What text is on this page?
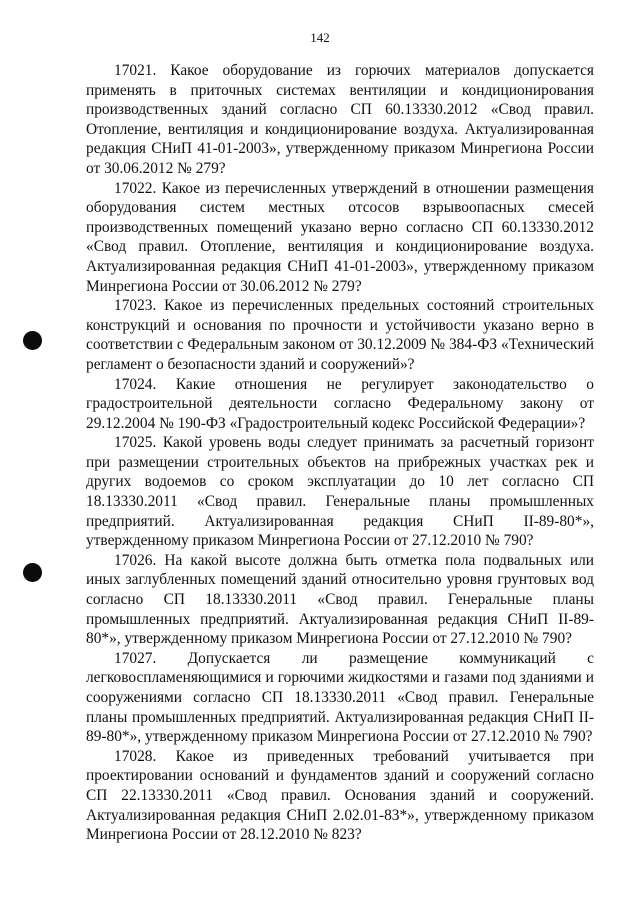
142

17021. Какое оборудование из горючих материалов допускается применять в приточных системах вентиляции и кондиционирования производственных зданий согласно СП 60.13330.2012 «Свод правил. Отопление, вентиляция и кондиционирование воздуха. Актуализированная редакция СНиП 41-01-2003», утвержденному приказом Минрегиона России от 30.06.2012 № 279?

17022. Какое из перечисленных утверждений в отношении размещения оборудования систем местных отсосов взрывоопасных смесей производственных помещений указано верно согласно СП 60.13330.2012 «Свод правил. Отопление, вентиляция и кондиционирование воздуха. Актуализированная редакция СНиП 41-01-2003», утвержденному приказом Минрегиона России от 30.06.2012 № 279?

17023. Какое из перечисленных предельных состояний строительных конструкций и основания по прочности и устойчивости указано верно в соответствии с Федеральным законом от 30.12.2009 № 384-ФЗ «Технический регламент о безопасности зданий и сооружений»?

17024. Какие отношения не регулирует законодательство о градостроительной деятельности согласно Федеральному закону от 29.12.2004 № 190-ФЗ «Градостроительный кодекс Российской Федерации»?

17025. Какой уровень воды следует принимать за расчетный горизонт при размещении строительных объектов на прибрежных участках рек и других водоемов со сроком эксплуатации до 10 лет согласно СП 18.13330.2011 «Свод правил. Генеральные планы промышленных предприятий. Актуализированная редакция СНиП II-89-80*», утвержденному приказом Минрегиона России от 27.12.2010 № 790?

17026. На какой высоте должна быть отметка пола подвальных или иных заглубленных помещений зданий относительно уровня грунтовых вод согласно СП 18.13330.2011 «Свод правил. Генеральные планы промышленных предприятий. Актуализированная редакция СНиП II-89-80*», утвержденному приказом Минрегиона России от 27.12.2010 № 790?

17027. Допускается ли размещение коммуникаций с легковоспламеняющимися и горючими жидкостями и газами под зданиями и сооружениями согласно СП 18.13330.2011 «Свод правил. Генеральные планы промышленных предприятий. Актуализированная редакция СНиП II-89-80*», утвержденному приказом Минрегиона России от 27.12.2010 № 790?

17028. Какое из приведенных требований учитывается при проектировании оснований и фундаментов зданий и сооружений согласно СП 22.13330.2011 «Свод правил. Основания зданий и сооружений. Актуализированная редакция СНиП 2.02.01-83*», утвержденному приказом Минрегиона России от 28.12.2010 № 823?
